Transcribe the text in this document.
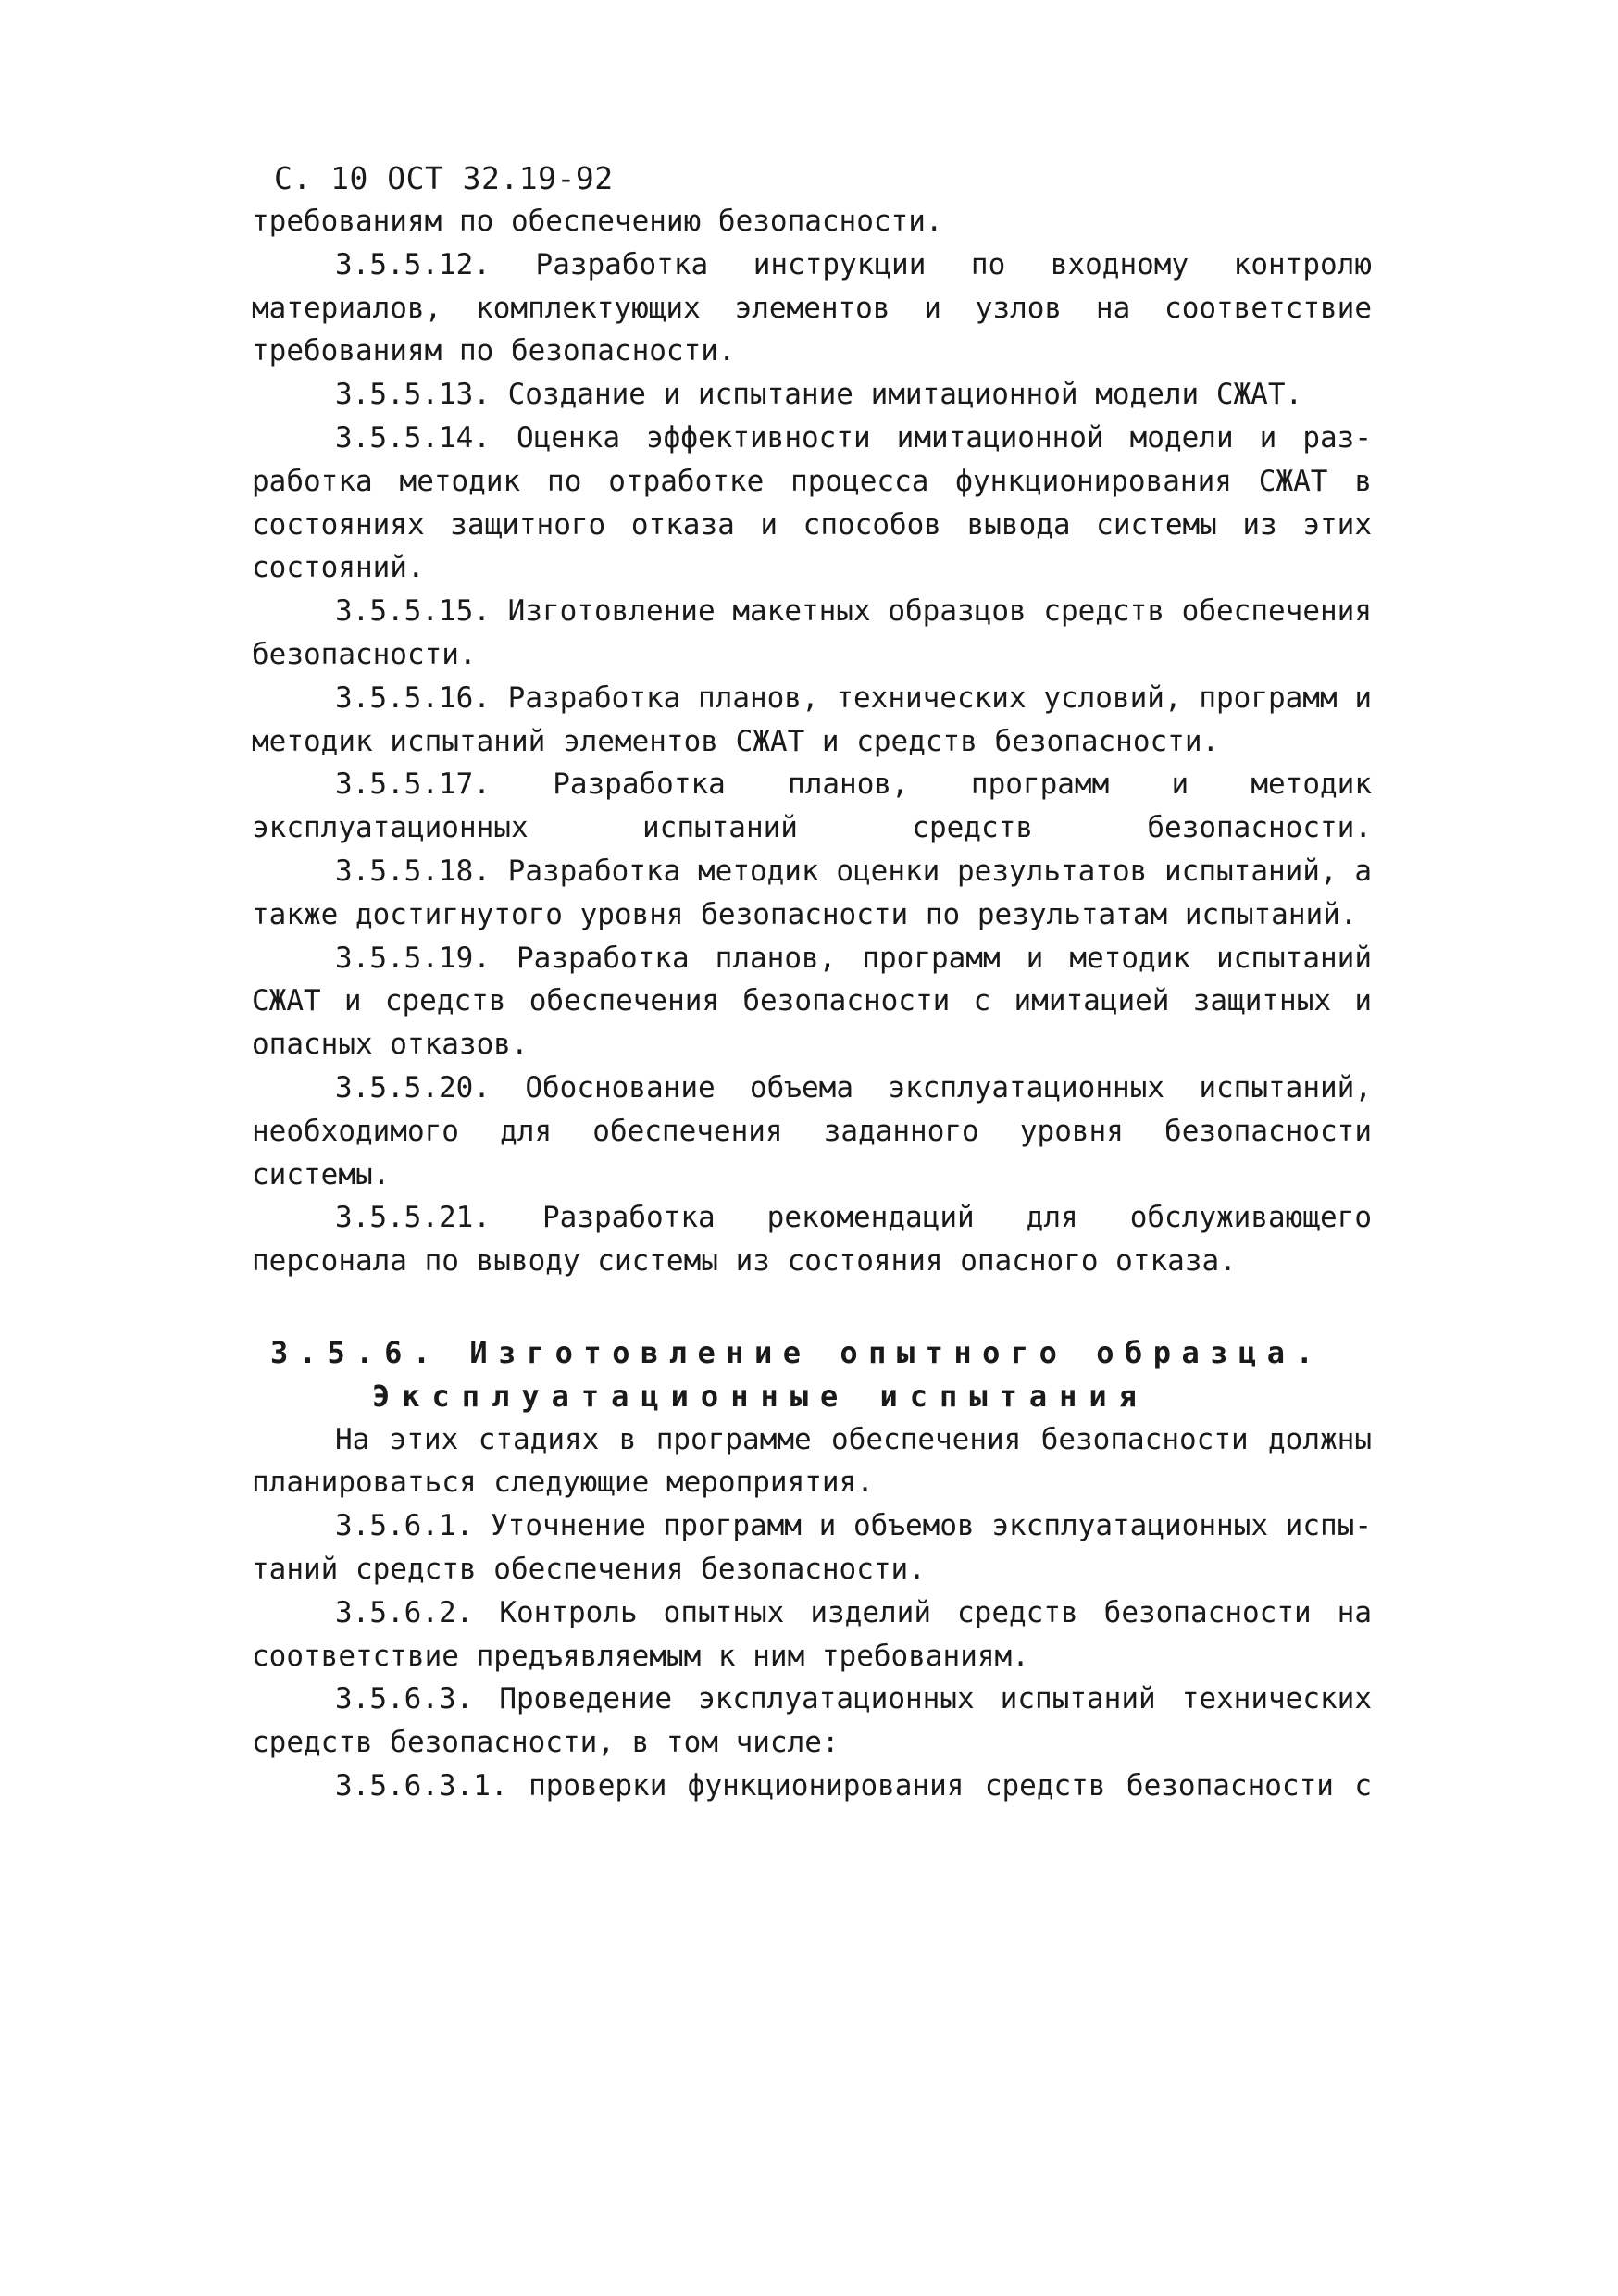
С. 10 ОСТ 32.19-92
требованиям по обеспечению безопасности.
3.5.5.12. Разработка инструкции по входному контролю
материалов, комплектующих элементов и узлов на соответствие
требованиям по безопасности.
3.5.5.13. Создание и испытание имитационной модели СЖАТ.
3.5.5.14. Оценка эффективности имитационной модели и раз-
работка методик по отработке процесса функционирования СЖАТ в
состояниях защитного отказа и способов вывода системы из этих
состояний.
3.5.5.15. Изготовление макетных образцов средств обеспечения
безопасности.
3.5.5.16. Разработка планов, технических условий, программ и
методик испытаний элементов СЖАТ и средств безопасности.
3.5.5.17. Разработка планов, программ и методик
эксплуатационных испытаний средств безопасности.
3.5.5.18. Разработка методик оценки результатов испытаний, а
также достигнутого уровня безопасности по результатам испытаний.
3.5.5.19. Разработка планов, программ и методик испытаний
СЖАТ и средств обеспечения безопасности с имитацией защитных и
опасных отказов.
3.5.5.20. Обоснование объема эксплуатационных испытаний,
необходимого для обеспечения заданного уровня безопасности
системы.
3.5.5.21. Разработка рекомендаций для обслуживающего
персонала по выводу системы из состояния опасного отказа.
3.5.6. Изготовление опытного образца.
Эксплуатационные испытания
На этих стадиях в программе обеспечения безопасности должны
планироваться следующие мероприятия.
3.5.6.1. Уточнение программ и объемов эксплуатационных испы-
таний средств обеспечения безопасности.
3.5.6.2. Контроль опытных изделий средств безопасности на
соответствие предъявляемым к ним требованиям.
3.5.6.3. Проведение эксплуатационных испытаний технических
средств безопасности, в том числе:
3.5.6.3.1. проверки функционирования средств безопасности с
